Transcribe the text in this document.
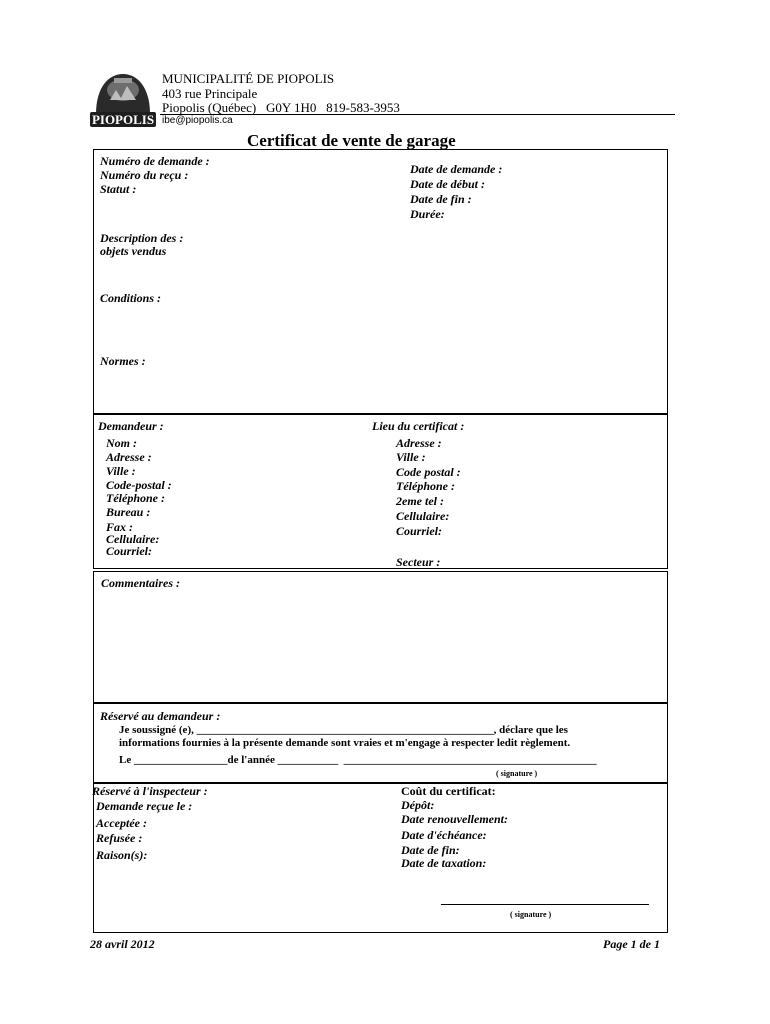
PIOPOLIS
MUNICIPALITÉ DE PIOPOLIS
403 rue Principale
Piopolis (Québec)   G0Y 1H0   819-583-3953
ibe@piopolis.ca
Certificat de vente de garage
Numéro de demande :
Numéro du reçu :
Statut :
Date de demande :
Date de début :
Date de fin :
Durée:
Description des :
objets vendus
Conditions :
Normes :
Demandeur :
Nom :
Adresse :
Ville :
Code-postal :
Téléphone :
Bureau :
Fax :
Cellulaire:
Courriel:
Lieu du certificat :
Adresse :
Ville :
Code postal :
Téléphone :
2eme tel :
Cellulaire:
Courriel:
Secteur :
Commentaires :
Réservé au demandeur :
Je soussigné (e), ______________________________________________________, déclare que les
informations fournies à la présente demande sont vraies et m'engage à respecter ledit règlement.
Le _________________de l'année ___________  ______________________________________________
( signature )
Réservé à l'inspecteur :
Demande reçue le :
Acceptée :
Refusée :
Raison(s):
Coût du certificat:
Dépôt:
Date renouvellement:
Date d'échéance:
Date de fin:
Date de taxation:
( signature )
28 avril 2012	Page 1 de 1
